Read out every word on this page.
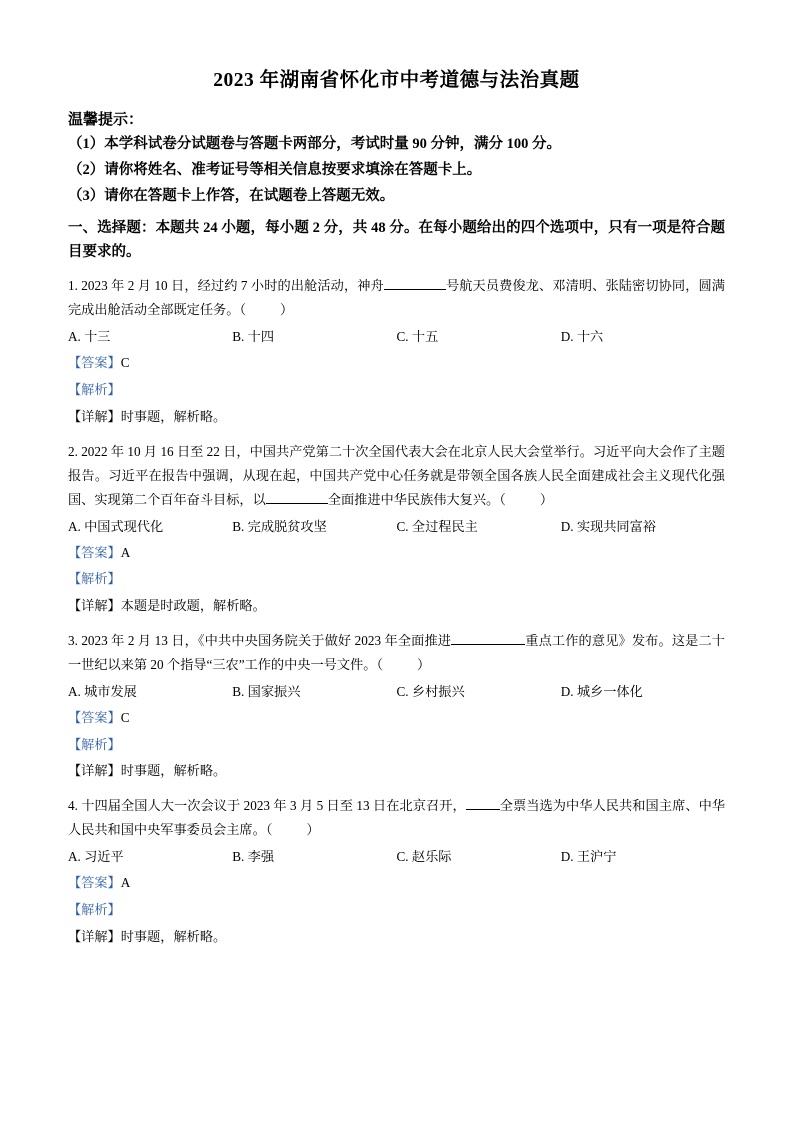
2023 年湖南省怀化市中考道德与法治真题
温馨提示：
（1）本学科试卷分试题卷与答题卡两部分，考试时量 90 分钟，满分 100 分。
（2）请你将姓名、准考证号等相关信息按要求填涂在答题卡上。
（3）请你在答题卡上作答，在试题卷上答题无效。
一、选择题：本题共 24 小题，每小题 2 分，共 48 分。在每小题给出的四个选项中，只有一项是符合题目要求的。
1. 2023 年 2 月 10 日，经过约 7 小时的出舱活动，神舟	号航天员费俊龙、邓清明、张陆密切协同，圆满完成出舱活动全部既定任务。（	）
A. 十三	B. 十四	C. 十五	D. 十六
【答案】C
【解析】
【详解】时事题，解析略。
2. 2022 年 10 月 16 日至 22 日，中国共产党第二十次全国代表大会在北京人民大会堂举行。习近平向大会作了主题报告。习近平在报告中强调，从现在起，中国共产党中心任务就是带领全国各族人民全面建成社会主义现代化强国、实现第二个百年奋斗目标，以	全面推进中华民族伟大复兴。（	）
A. 中国式现代化	B. 完成脱贫攻坚	C. 全过程民主	D. 实现共同富裕
【答案】A
【解析】
【详解】本题是时政题，解析略。
3. 2023 年 2 月 13 日，《中共中央国务院关于做好 2023 年全面推进	重点工作的意见》发布。这是二十一世纪以来第 20 个指导“三农”工作的中央一号文件。（	）
A. 城市发展	B. 国家振兴	C. 乡村振兴	D. 城乡一体化
【答案】C
【解析】
【详解】时事题，解析略。
4. 十四届全国人大一次会议于 2023 年 3 月 5 日至 13 日在北京召开，	全票当选为中华人民共和国主席、中华人民共和国中央军事委员会主席。（	）
A. 习近平	B. 李强	C. 赵乐际	D. 王沪宁
【答案】A
【解析】
【详解】时事题，解析略。
